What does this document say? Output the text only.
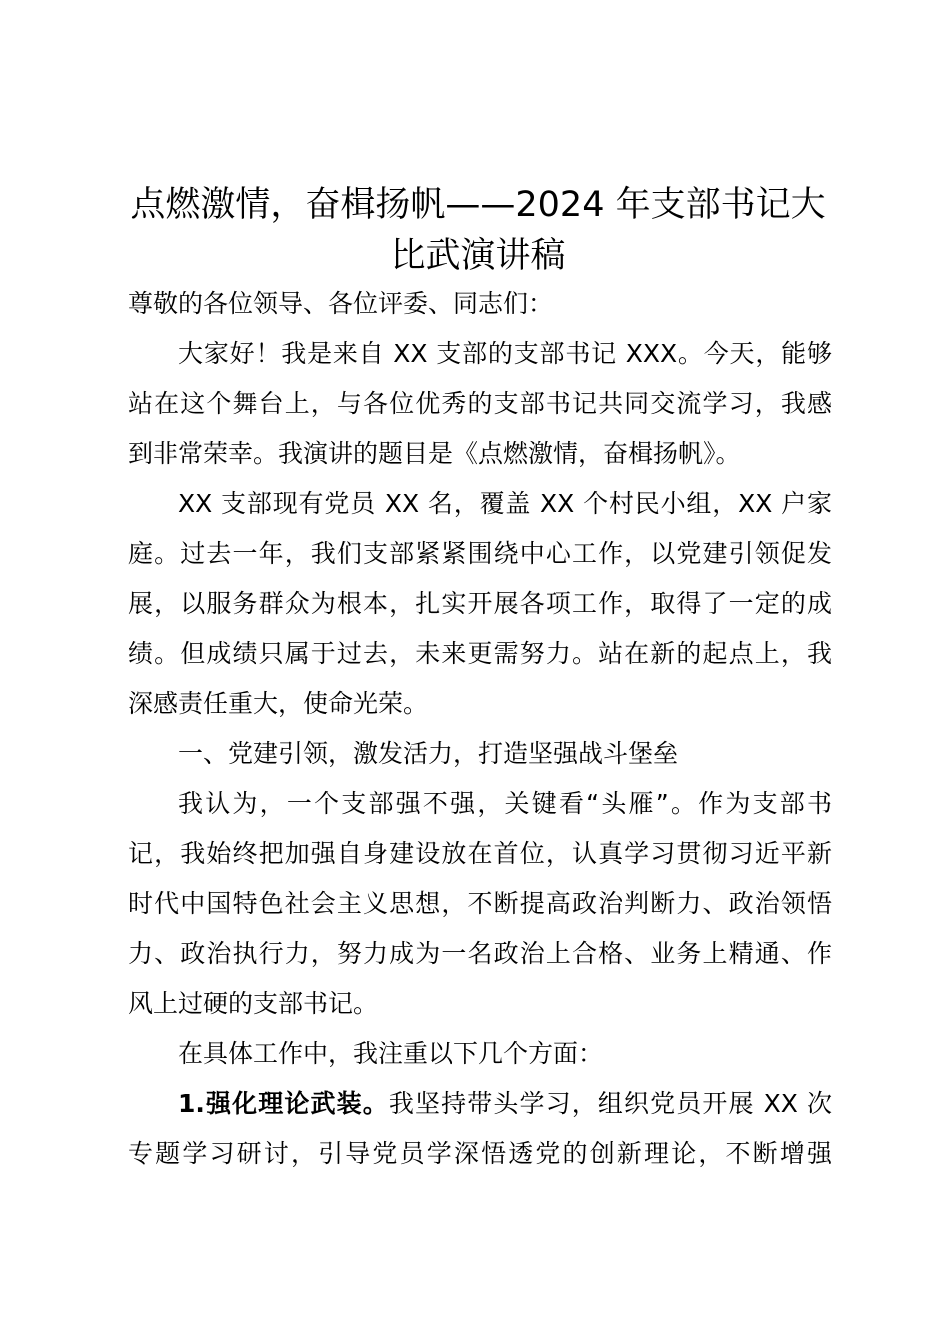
点燃激情，奋楫扬帆——2024 年支部书记大
比武演讲稿

尊敬的各位领导、各位评委、同志们：

大家好！我是来自 XX 支部的支部书记 XXX。今天，能够

站在这个舞台上，与各位优秀的支部书记共同交流学习，我感

到非常荣幸。我演讲的题目是《点燃激情，奋楫扬帆》。

XX 支部现有党员 XX 名，覆盖 XX 个村民小组，XX 户家

庭。过去一年，我们支部紧紧围绕中心工作，以党建引领促发

展，以服务群众为根本，扎实开展各项工作，取得了一定的成

绩。但成绩只属于过去，未来更需努力。站在新的起点上，我

深感责任重大，使命光荣。

一、党建引领，激发活力，打造坚强战斗堡垒

我认为，一个支部强不强，关键看“头雁”。作为支部书

记，我始终把加强自身建设放在首位，认真学习贯彻习近平新

时代中国特色社会主义思想，不断提高政治判断力、政治领悟

力、政治执行力，努力成为一名政治上合格、业务上精通、作

风上过硬的支部书记。

在具体工作中，我注重以下几个方面：

1.强化理论武装。我坚持带头学习，组织党员开展 XX 次

专题学习研讨，引导党员学深悟透党的创新理论，不断增强
